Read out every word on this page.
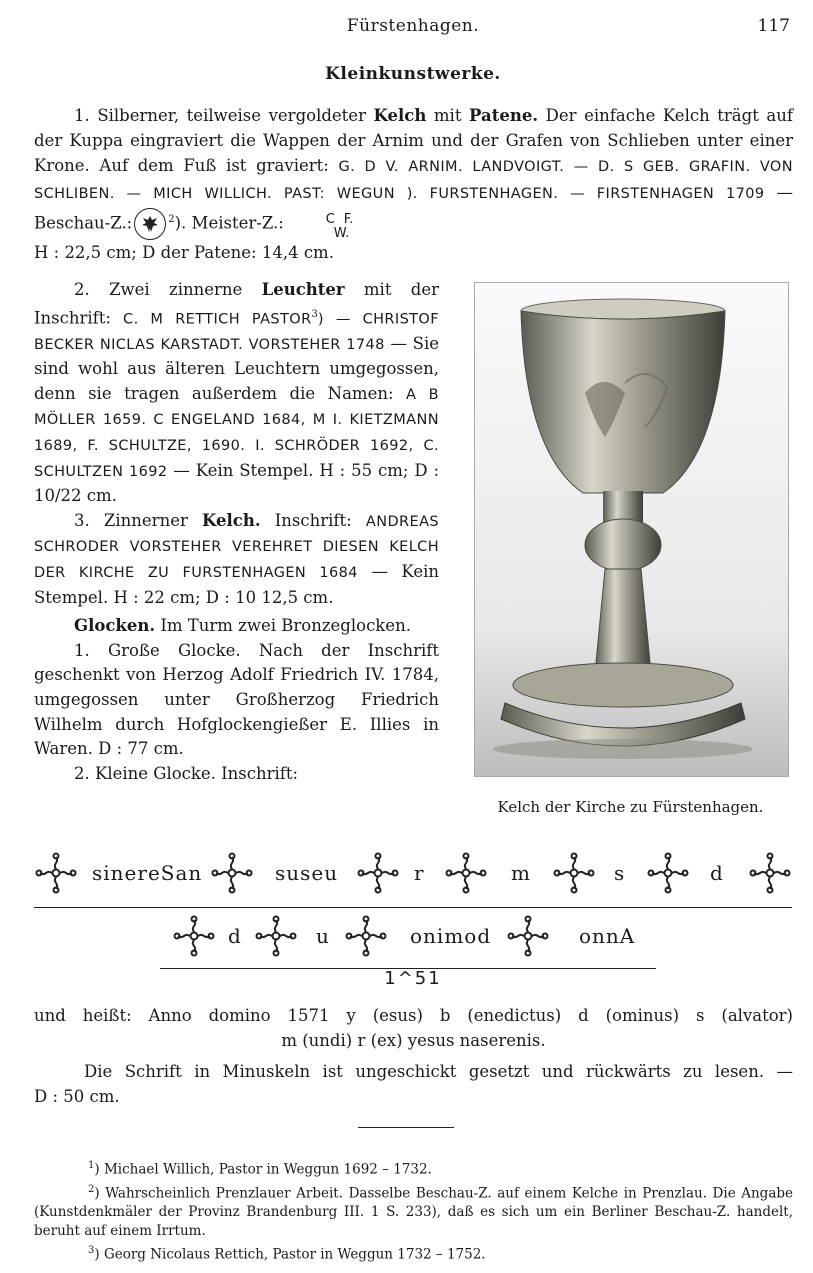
Fürstenhagen.	117
Kleinkunstwerke.

1. Silberner, teilweise vergoldeter Kelch mit Patene. Der einfache Kelch trägt auf der Kuppa eingraviert die Wappen der Arnim und der Grafen von Schlieben unter einer Krone. Auf dem Fuß ist graviert: G. D V. ARNIM. LANDVOIGT. — D. S GEB. GRAFIN. VON SCHLIBEN. — MICH WILLICH. PAST: WEGUN ). FURSTENHAGEN. — FIRSTENHAGEN 1709 — Beschau-Z.:	$^2$). Meister-Z.:	C F.
W.

H : 22,5 cm; D der Patene: 14,4 cm.

2. Zwei zinnerne Leuchter mit der Inschrift: C. M RETTICH PASTOR$^3$) — CHRISTOF BECKER NICLAS KARSTADT. VORSTEHER 1748 — Sie sind wohl aus älteren Leuchtern umgegossen, denn sie tragen außerdem die Namen: A B MÖLLER 1659. C ENGELAND 1684, M I. KIETZMANN 1689, F. SCHULTZE, 1690. I. SCHRÖDER 1692, C. SCHULTZEN 1692 — Kein Stempel. H : 55 cm; D : 10/22 cm.

3. Zinnerner Kelch. Inschrift: ANDREAS SCHRODER VORSTEHER VEREHRET DIESEN KELCH DER KIRCHE ZU FURSTENHAGEN 1684 — Kein Stempel. H : 22 cm; D : 10 12,5 cm.

Glocken. Im Turm zwei Bronzeglocken.

1. Große Glocke. Nach der Inschrift geschenkt von Herzog Adolf Friedrich IV. 1784, umgegossen unter Großherzog Friedrich Wilhelm durch Hofglockengießer E. Illies in Waren. D : 77 cm.

2. Kleine Glocke. Inschrift:

Kelch der Kirche zu Fürstenhagen.
sinereSan	suseu	r	m	s	d
d	u	onimod	onnA
1^51
und heißt: Anno domino 1571 y (esus) b (enedictus) d (ominus) s (alvator)
m (undi) r (ex) yesus naserenis.

Die Schrift in Minuskeln ist ungeschickt gesetzt und rückwärts zu lesen. —

D : 50 cm.

$^1$) Michael Willich, Pastor in Weggun 1692 – 1732.

$^2$) Wahrscheinlich Prenzlauer Arbeit. Dasselbe Beschau-Z. auf einem Kelche in Prenzlau. Die Angabe (Kunstdenkmäler der Provinz Brandenburg III. 1 S. 233), daß es sich um ein Berliner Beschau-Z. handelt, beruht auf einem Irrtum.

$^3$) Georg Nicolaus Rettich, Pastor in Weggun 1732 – 1752.
